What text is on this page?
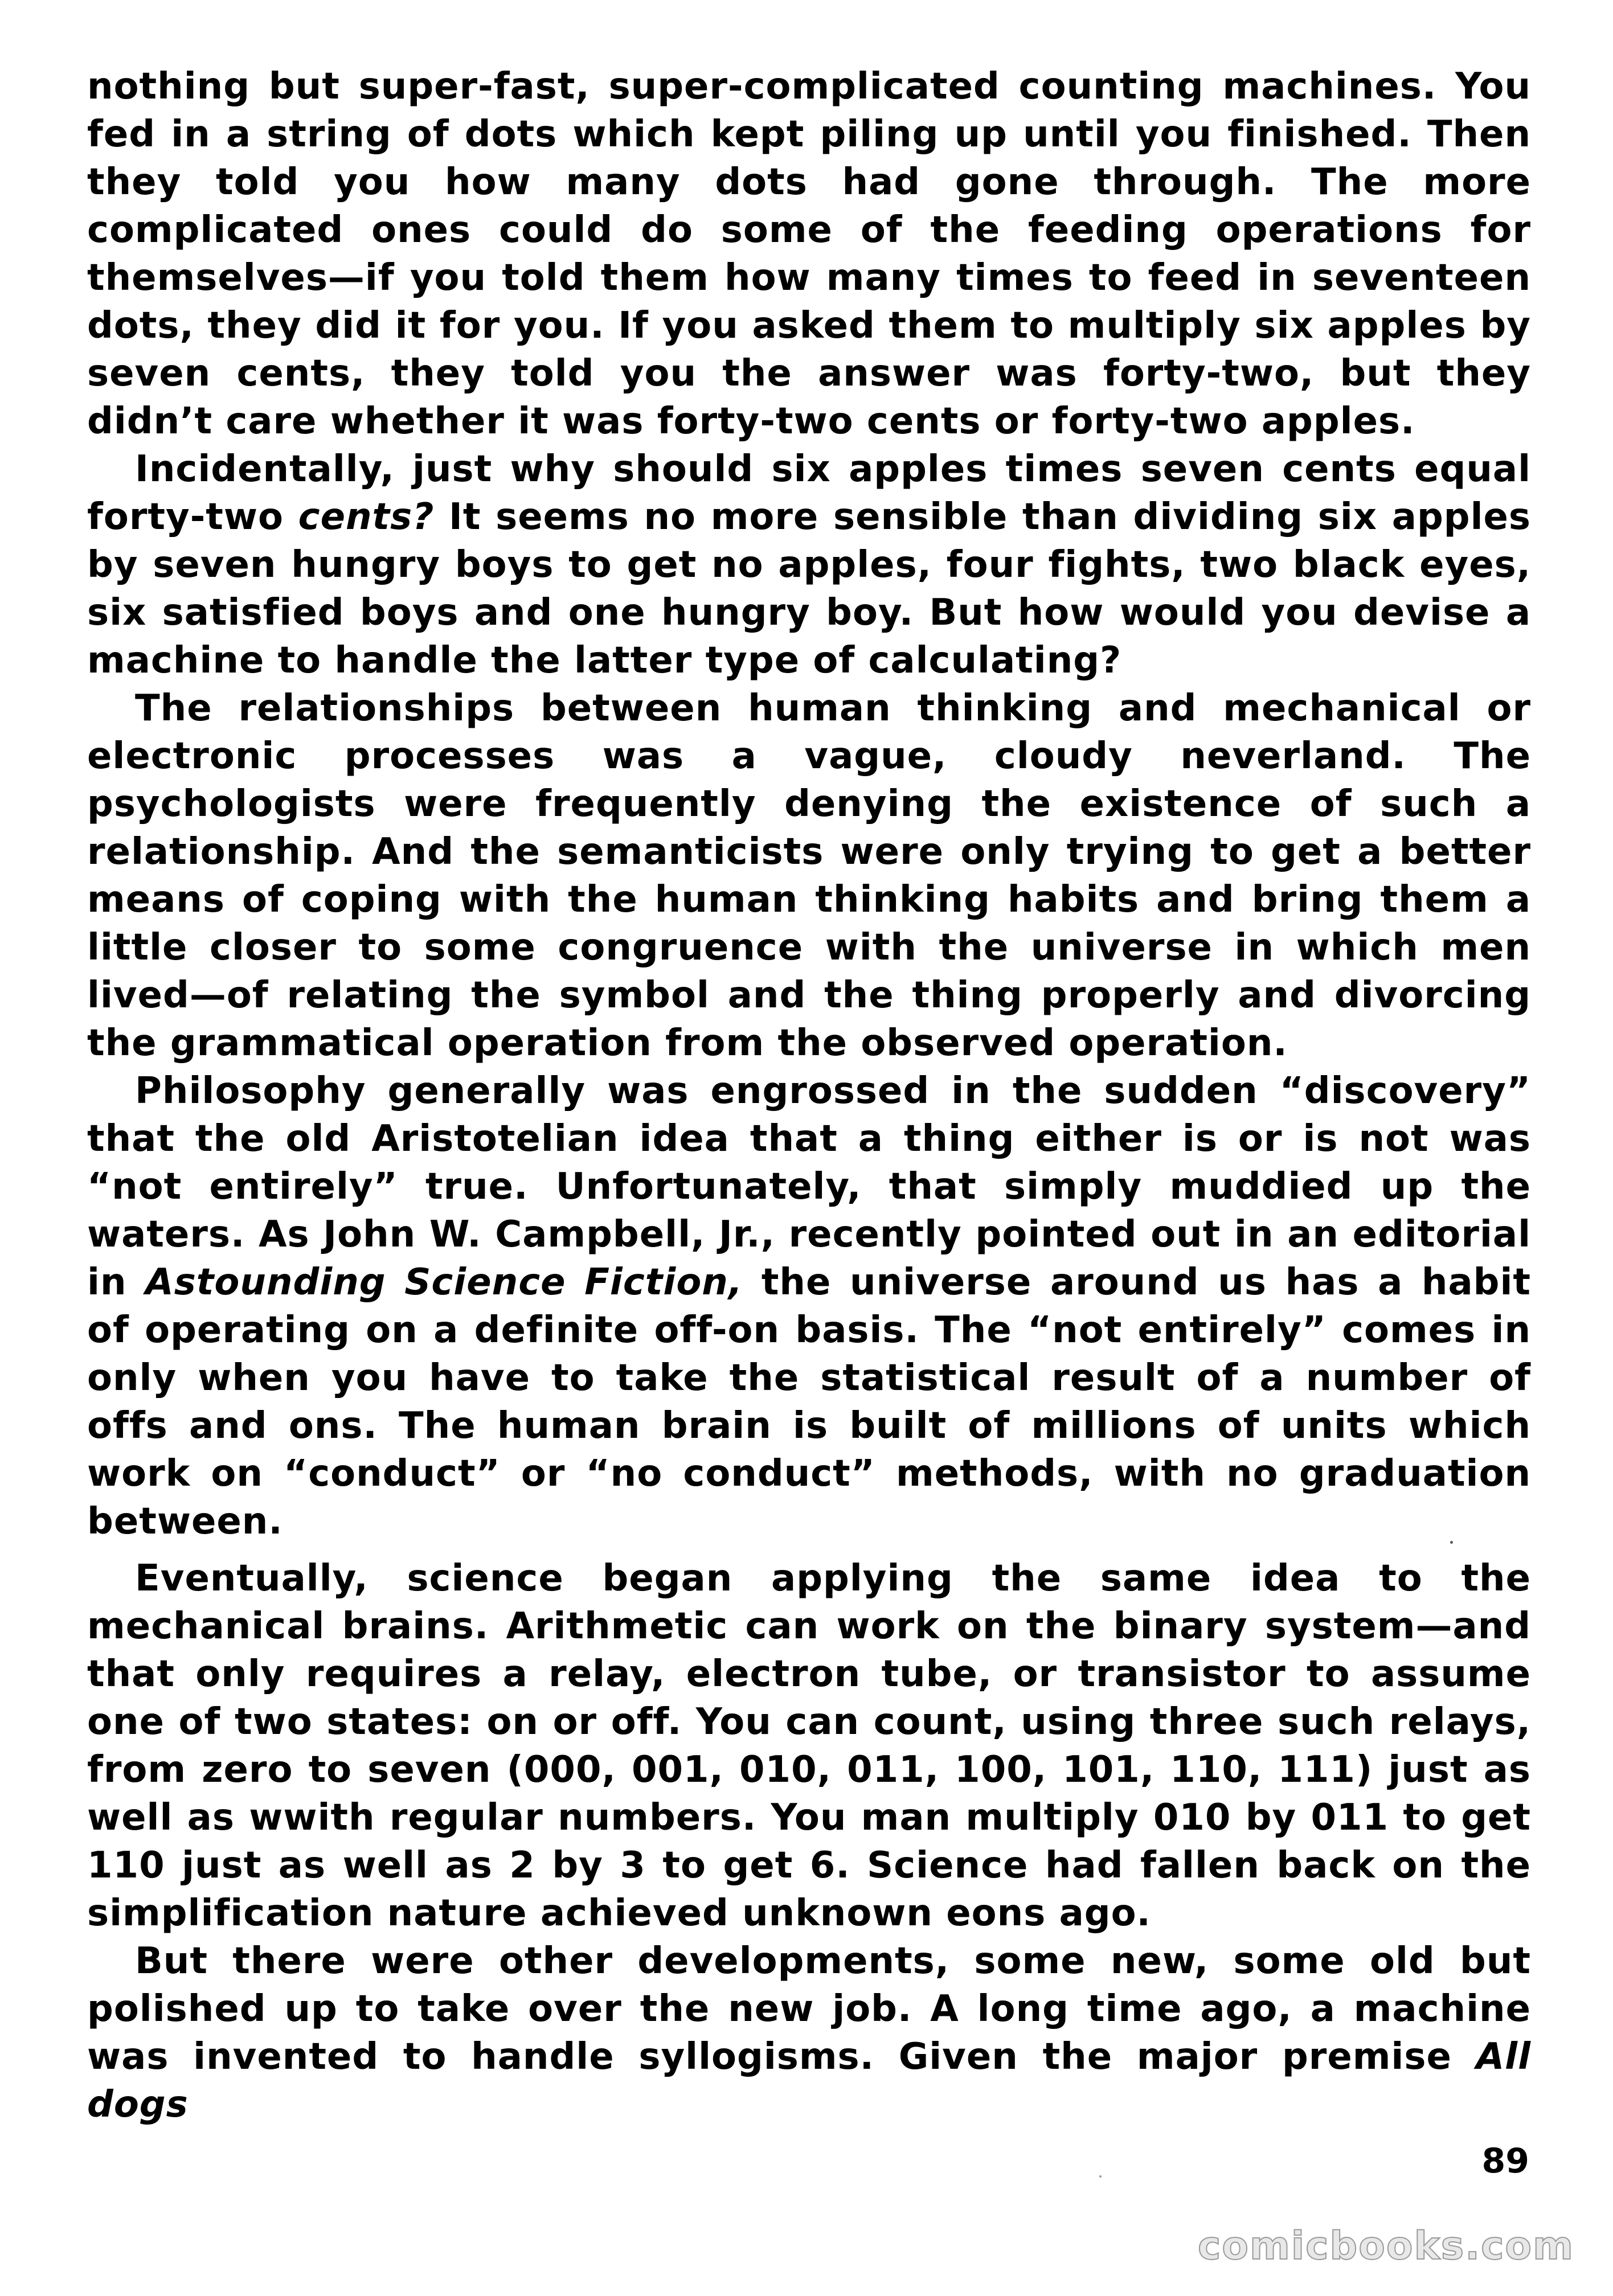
nothing but super-fast, super-complicated counting machines. You fed in a string of dots which kept piling up until you finished. Then they told you how many dots had gone through. The more complicated ones could do some of the feeding operations for themselves—if you told them how many times to feed in seventeen dots, they did it for you. If you asked them to multiply six apples by seven cents, they told you the answer was forty-two, but they didn’t care whether it was forty-two cents or forty-two apples.

Incidentally, just why should six apples times seven cents equal forty-two cents? It seems no more sensible than dividing six apples by seven hungry boys to get no apples, four fights, two black eyes, six satisfied boys and one hungry boy. But how would you devise a machine to handle the latter type of calculating?

The relationships between human thinking and mechanical or electronic processes was a vague, cloudy neverland. The psychologists were frequently denying the existence of such a relationship. And the semanticists were only trying to get a better means of coping with the human thinking habits and bring them a little closer to some congruence with the universe in which men lived—of relating the symbol and the thing properly and divorcing the grammatical operation from the observed operation.

Philosophy generally was engrossed in the sudden “discovery” that the old Aristotelian idea that a thing either is or is not was “not entirely” true. Unfortunately, that simply muddied up the waters. As John W. Campbell, Jr., recently pointed out in an editorial in Astounding Science Fiction, the universe around us has a habit of operating on a definite off-on basis. The “not entirely” comes in only when you have to take the statistical result of a number of offs and ons. The human brain is built of millions of units which work on “conduct” or “no conduct” methods, with no graduation between.

Eventually, science began applying the same idea to the mechanical brains. Arithmetic can work on the binary system—and that only requires a relay, electron tube, or transistor to assume one of two states: on or off. You can count, using three such relays, from zero to seven (000, 001, 010, 011, 100, 101, 110, 111) just as well as wwith regular numbers. You man multiply 010 by 011 to get 110 just as well as 2 by 3 to get 6. Science had fallen back on the simplification nature achieved unknown eons ago.

But there were other developments, some new, some old but polished up to take over the new job. A long time ago, a machine was invented to handle syllogisms. Given the major premise All dogs

89
comicbooks.com
